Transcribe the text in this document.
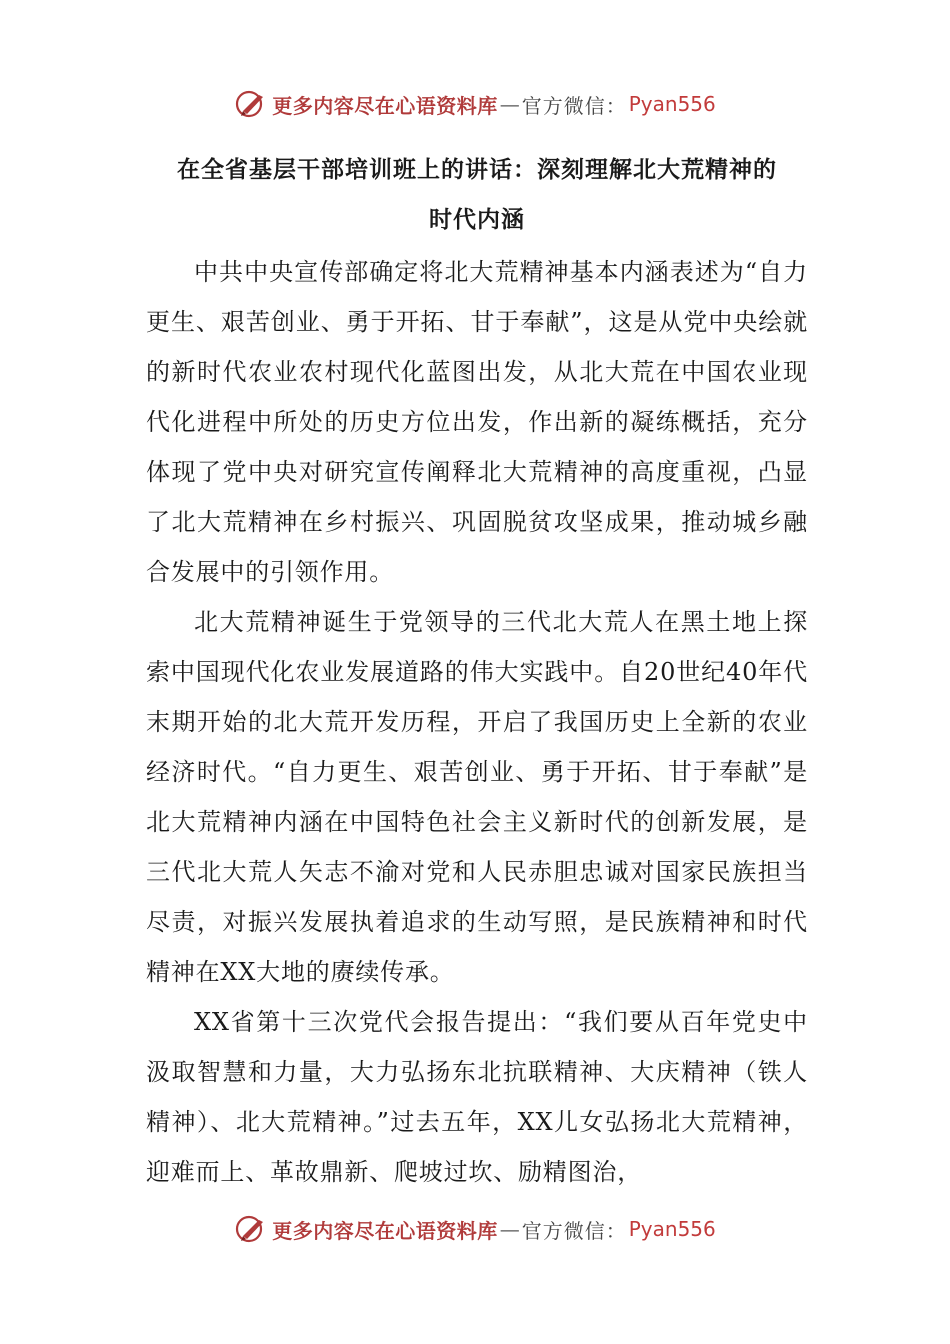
更多内容尽在心语资料库 — 官方微信： Pyan556
在全省基层干部培训班上的讲话：深刻理解北大荒精神的
时代内涵

中共中央宣传部确定将北大荒精神基本内涵表述为“自力更生、艰苦创业、勇于开拓、甘于奉献”，这是从党中央绘就的新时代农业农村现代化蓝图出发，从北大荒在中国农业现代化进程中所处的历史方位出发，作出新的凝练概括，充分体现了党中央对研究宣传阐释北大荒精神的高度重视，凸显了北大荒精神在乡村振兴、巩固脱贫攻坚成果，推动城乡融合发展中的引领作用。

北大荒精神诞生于党领导的三代北大荒人在黑土地上探索中国现代化农业发展道路的伟大实践中。自20世纪40年代末期开始的北大荒开发历程，开启了我国历史上全新的农业经济时代。“自力更生、艰苦创业、勇于开拓、甘于奉献”是北大荒精神内涵在中国特色社会主义新时代的创新发展，是三代北大荒人矢志不渝对党和人民赤胆忠诚对国家民族担当尽责，对振兴发展执着追求的生动写照，是民族精神和时代精神在XX大地的赓续传承。

XX省第十三次党代会报告提出：“我们要从百年党史中汲取智慧和力量，大力弘扬东北抗联精神、大庆精神（铁人精神）、北大荒精神。”过去五年，XX儿女弘扬北大荒精神，迎难而上、革故鼎新、爬坡过坎、励精图治，

更多内容尽在心语资料库 — 官方微信： Pyan556
